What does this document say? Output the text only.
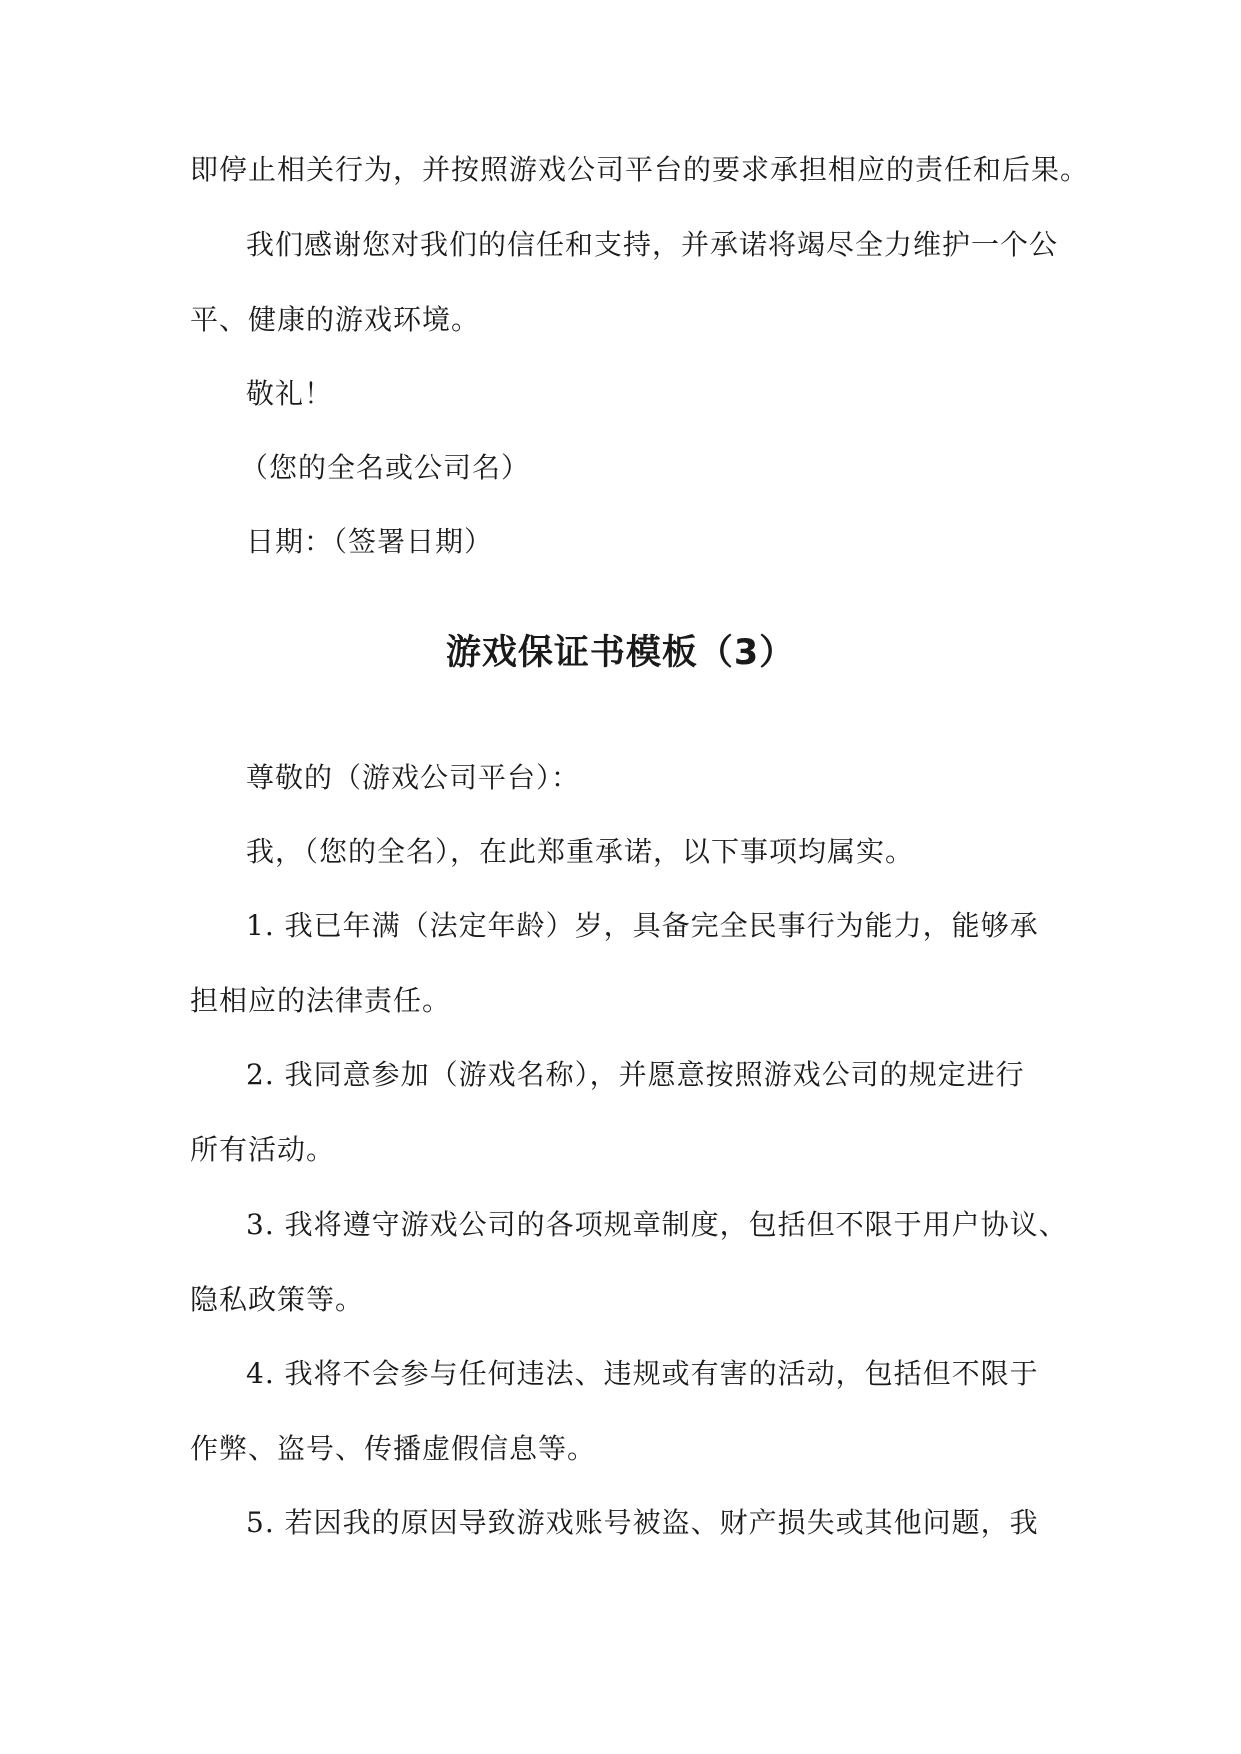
即停止相关行为，并按照游戏公司平台的要求承担相应的责任和后果。
我们感谢您对我们的信任和支持，并承诺将竭尽全力维护一个公
平、健康的游戏环境。
敬礼！
（您的全名或公司名）
日期：（签署日期）
游戏保证书模板（3）
尊敬的（游戏公司平台）：
我，（您的全名），在此郑重承诺，以下事项均属实。
1. 我已年满（法定年龄）岁，具备完全民事行为能力，能够承
担相应的法律责任。
2. 我同意参加（游戏名称），并愿意按照游戏公司的规定进行
所有活动。
3. 我将遵守游戏公司的各项规章制度，包括但不限于用户协议、
隐私政策等。
4. 我将不会参与任何违法、违规或有害的活动，包括但不限于
作弊、盗号、传播虚假信息等。
5. 若因我的原因导致游戏账号被盗、财产损失或其他问题，我
